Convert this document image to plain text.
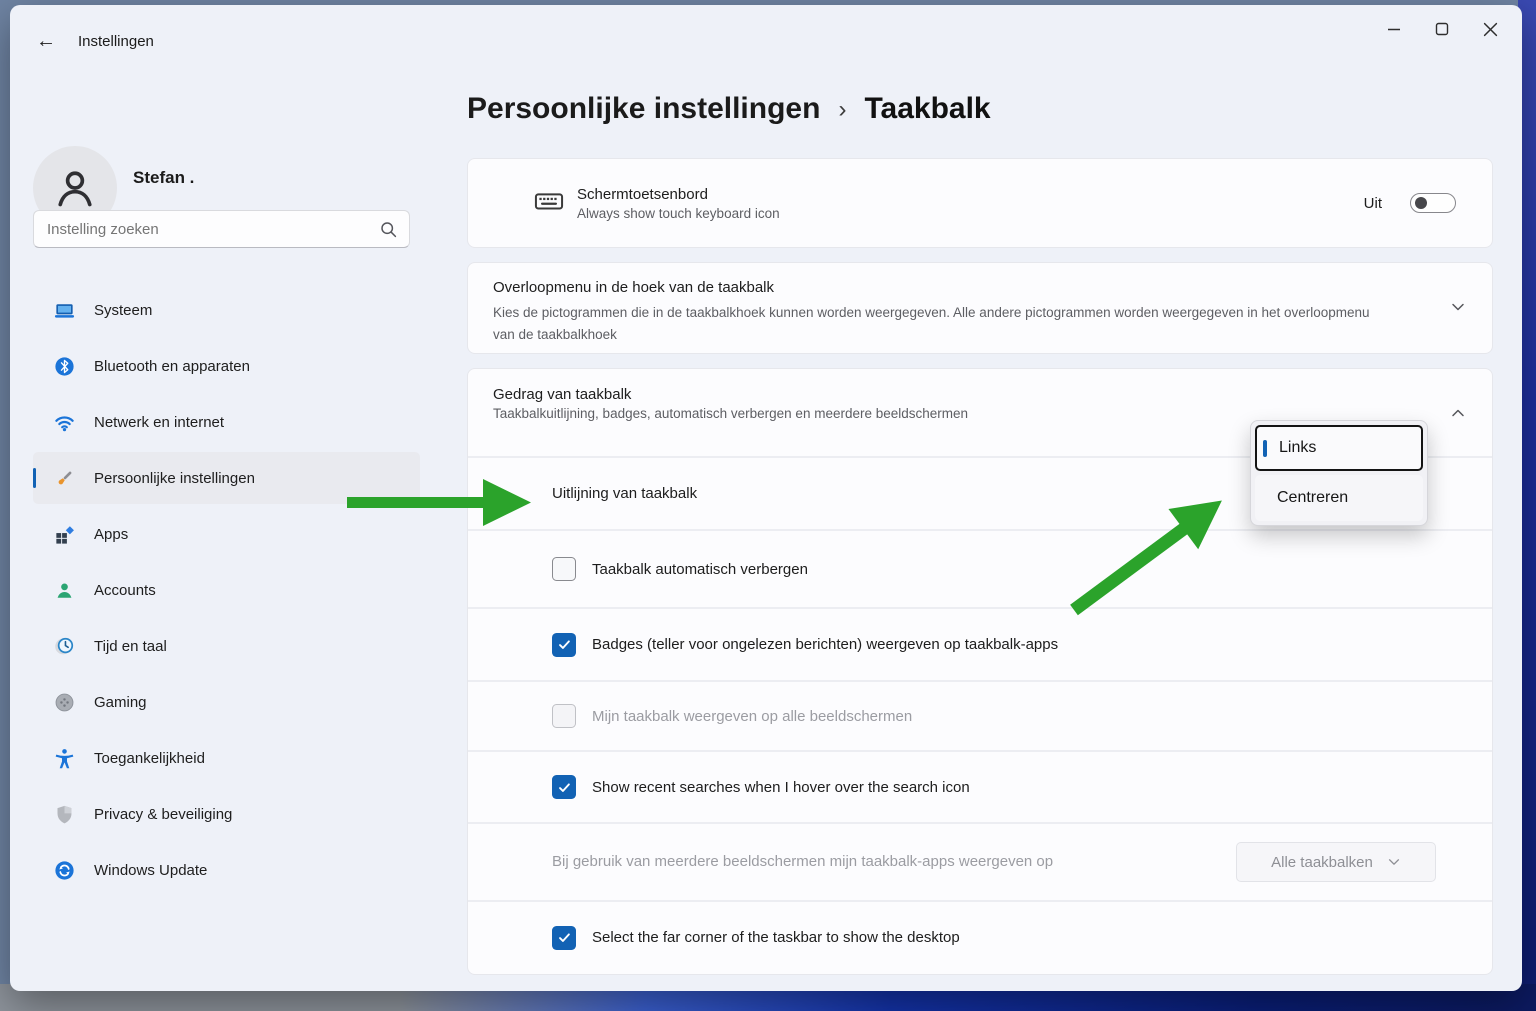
← Instellingen
Stefan .
Instelling zoeken
Systeem
Bluetooth en apparaten
Netwerk en internet
Persoonlijke instellingen
Apps
Accounts
Tijd en taal
Gaming
Toegankelijkheid
Privacy & beveiliging
Windows Update
Persoonlijke instellingen › Taakbalk
Schermtoetsenbord
Always show touch keyboard icon
Uit
Overloopmenu in de hoek van de taakbalk
Kies de pictogrammen die in de taakbalkhoek kunnen worden weergegeven. Alle andere pictogrammen worden weergegeven in het overloopmenu van de taakbalkhoek
Gedrag van taakbalk
Taakbalkuitlijning, badges, automatisch verbergen en meerdere beeldschermen
Uitlijning van taakbalk
Taakbalk automatisch verbergen
Badges (teller voor ongelezen berichten) weergeven op taakbalk-apps
Mijn taakbalk weergeven op alle beeldschermen
Show recent searches when I hover over the search icon
Bij gebruik van meerdere beeldschermen mijn taakbalk-apps weergeven op	Alle taakbalken
Select the far corner of the taskbar to show the desktop
Links
Centreren
